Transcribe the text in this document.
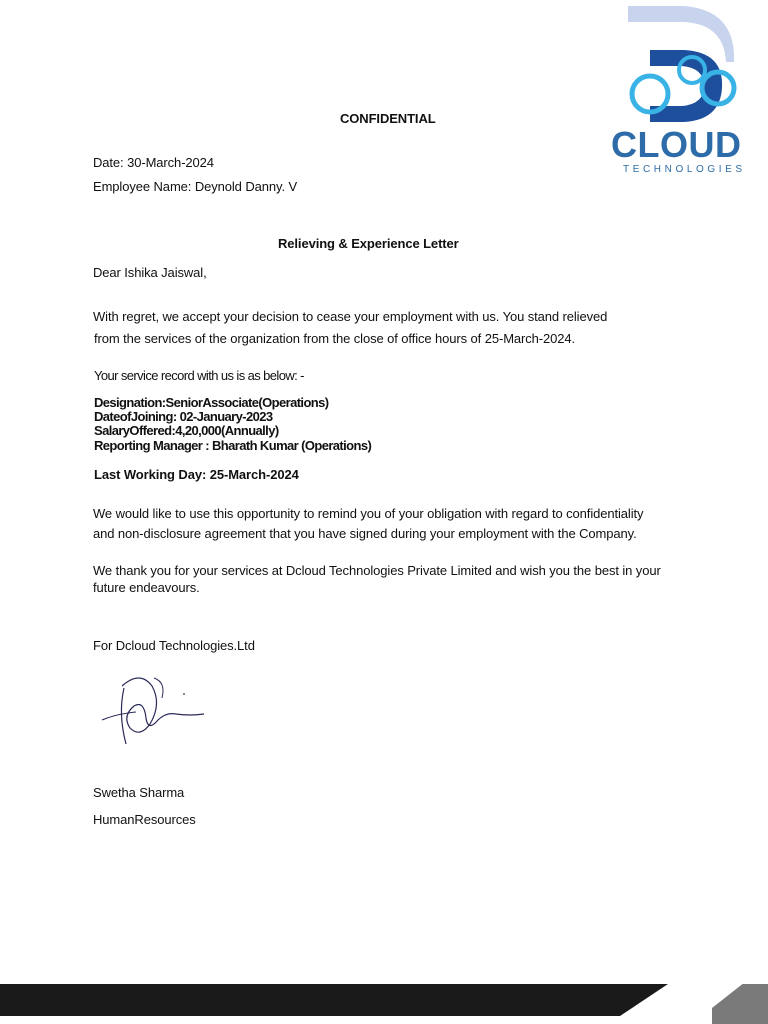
CLOUD
TECHNOLOGIES
CONFIDENTIAL
Date: 30-March-2024
Employee Name: Deynold Danny. V
Relieving & Experience Letter
Dear Ishika Jaiswal,
With regret, we accept your decision to cease your employment with us. You stand relieved
from the services of the organization from the close of office hours of 25-March-2024.
Your service record with us is as below: -
Designation:SeniorAssociate(Operations)
DateofJoining: 02-January-2023
SalaryOffered:4,20,000(Annually)
Reporting Manager : Bharath Kumar (Operations)
Last Working Day: 25-March-2024
We would like to use this opportunity to remind you of your obligation with regard to confidentiality
and non-disclosure agreement that you have signed during your employment with the Company.
We thank you for your services at Dcloud Technologies Private Limited and wish you the best in your
future endeavours.
For Dcloud Technologies.Ltd
Swetha Sharma
HumanResources
